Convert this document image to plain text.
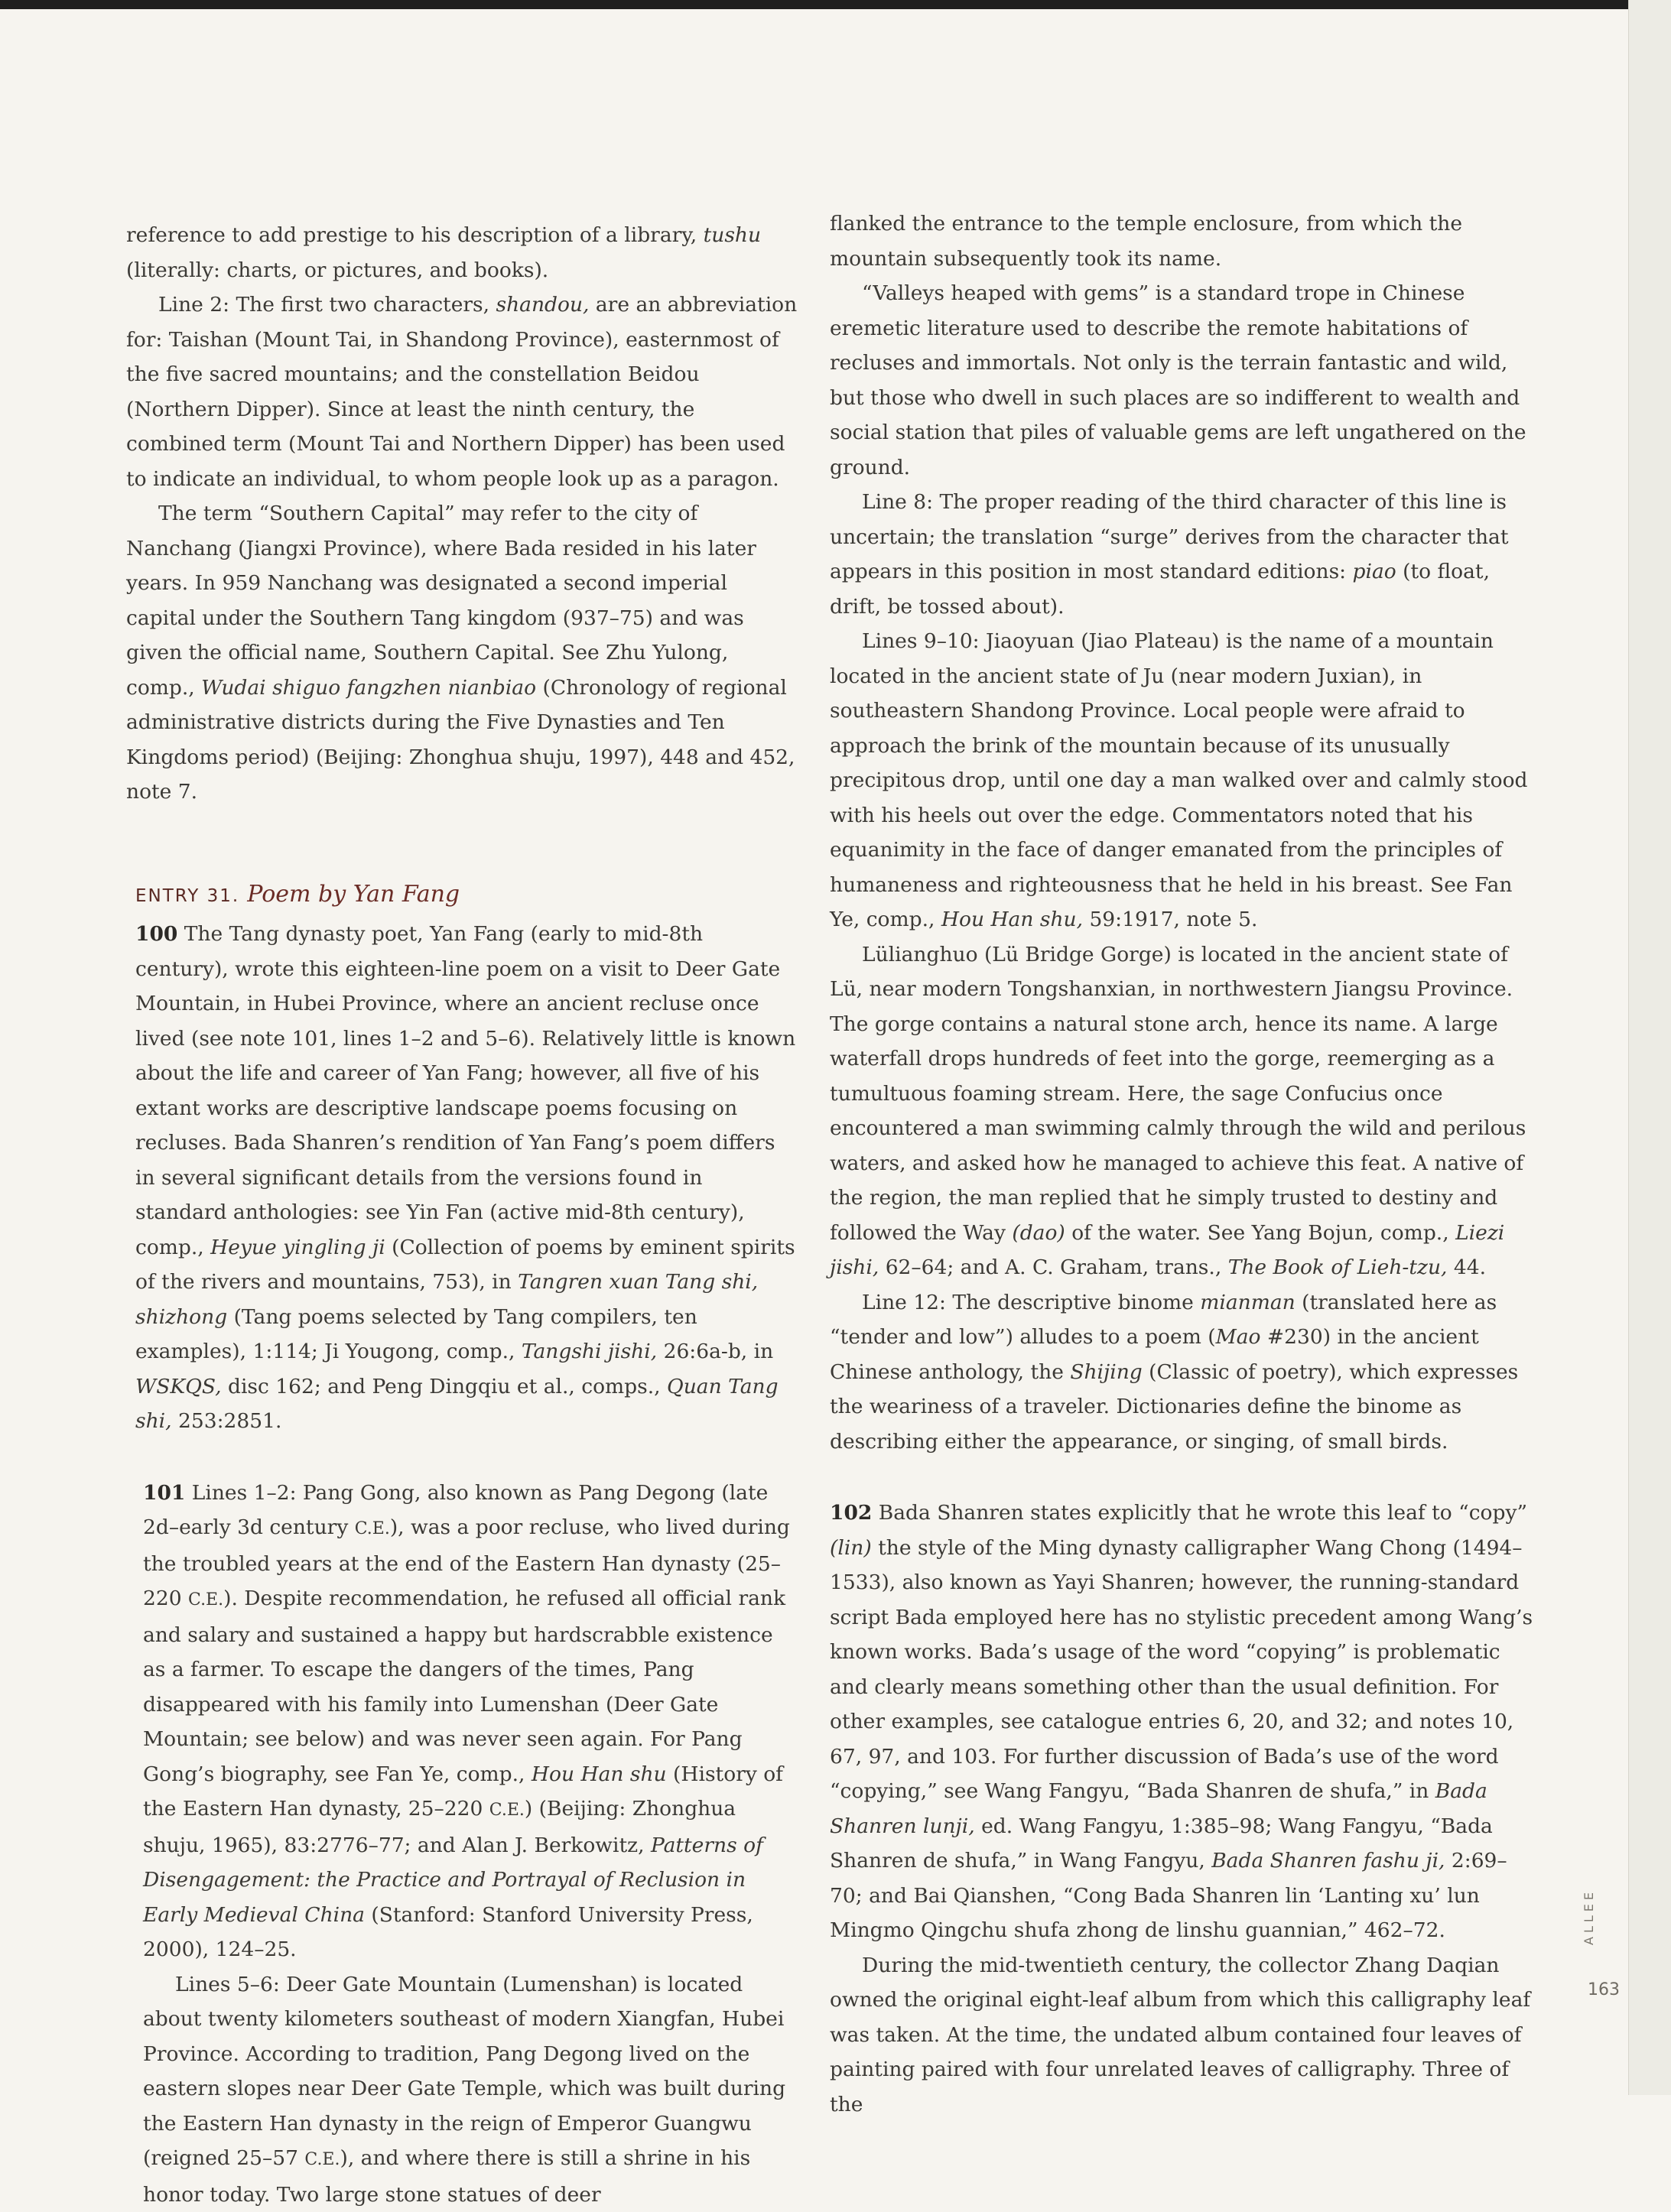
reference to add prestige to his description of a library, tushu (literally: charts, or pictures, and books).

Line 2: The first two characters, shandou, are an abbreviation for: Taishan (Mount Tai, in Shandong Province), easternmost of the five sacred mountains; and the constellation Beidou (Northern Dipper). Since at least the ninth century, the combined term (Mount Tai and Northern Dipper) has been used to indicate an individual, to whom people look up as a paragon.

The term “Southern Capital” may refer to the city of Nanchang (Jiangxi Province), where Bada resided in his later years. In 959 Nanchang was designated a second imperial capital under the Southern Tang kingdom (937–75) and was given the official name, Southern Capital. See Zhu Yulong, comp., Wudai shiguo fangzhen nianbiao (Chronology of regional administrative districts during the Five Dynasties and Ten Kingdoms period) (Beijing: Zhonghua shuju, 1997), 448 and 452, note 7.

ENTRY 31. Poem by Yan Fang

100 The Tang dynasty poet, Yan Fang (early to mid-8th century), wrote this eighteen-line poem on a visit to Deer Gate Mountain, in Hubei Province, where an ancient recluse once lived (see note 101, lines 1–2 and 5–6). Relatively little is known about the life and career of Yan Fang; however, all five of his extant works are descriptive landscape poems focusing on recluses. Bada Shanren’s rendition of Yan Fang’s poem differs in several significant details from the versions found in standard anthologies: see Yin Fan (active mid-8th century), comp., Heyue yingling ji (Collection of poems by eminent spirits of the rivers and mountains, 753), in Tangren xuan Tang shi, shizhong (Tang poems selected by Tang compilers, ten examples), 1:114; Ji Yougong, comp., Tangshi jishi, 26:6a-b, in WSKQS, disc 162; and Peng Dingqiu et al., comps., Quan Tang shi, 253:2851.

101 Lines 1–2: Pang Gong, also known as Pang Degong (late 2d–early 3d century C.E.), was a poor recluse, who lived during the troubled years at the end of the Eastern Han dynasty (25–220 C.E.). Despite recommendation, he refused all official rank and salary and sustained a happy but hardscrabble existence as a farmer. To escape the dangers of the times, Pang disappeared with his family into Lumenshan (Deer Gate Mountain; see below) and was never seen again. For Pang Gong’s biography, see Fan Ye, comp., Hou Han shu (History of the Eastern Han dynasty, 25–220 C.E.) (Beijing: Zhonghua shuju, 1965), 83:2776–77; and Alan J. Berkowitz, Patterns of Disengagement: the Practice and Portrayal of Reclusion in Early Medieval China (Stanford: Stanford University Press, 2000), 124–25.

Lines 5–6: Deer Gate Mountain (Lumenshan) is located about twenty kilometers southeast of modern Xiangfan, Hubei Province. According to tradition, Pang Degong lived on the eastern slopes near Deer Gate Temple, which was built during the Eastern Han dynasty in the reign of Emperor Guangwu (reigned 25–57 C.E.), and where there is still a shrine in his honor today. Two large stone statues of deer

flanked the entrance to the temple enclosure, from which the mountain subsequently took its name.

“Valleys heaped with gems” is a standard trope in Chinese eremetic literature used to describe the remote habitations of recluses and immortals. Not only is the terrain fantastic and wild, but those who dwell in such places are so indifferent to wealth and social station that piles of valuable gems are left ungathered on the ground.

Line 8: The proper reading of the third character of this line is uncertain; the translation “surge” derives from the character that appears in this position in most standard editions: piao (to float, drift, be tossed about).

Lines 9–10: Jiaoyuan (Jiao Plateau) is the name of a mountain located in the ancient state of Ju (near modern Juxian), in southeastern Shandong Province. Local people were afraid to approach the brink of the mountain because of its unusually precipitous drop, until one day a man walked over and calmly stood with his heels out over the edge. Commentators noted that his equanimity in the face of danger emanated from the principles of humaneness and righteousness that he held in his breast. See Fan Ye, comp., Hou Han shu, 59:1917, note 5.

Lülianghuo (Lü Bridge Gorge) is located in the ancient state of Lü, near modern Tongshanxian, in northwestern Jiangsu Province. The gorge contains a natural stone arch, hence its name. A large waterfall drops hundreds of feet into the gorge, reemerging as a tumultuous foaming stream. Here, the sage Confucius once encountered a man swimming calmly through the wild and perilous waters, and asked how he managed to achieve this feat. A native of the region, the man replied that he simply trusted to destiny and followed the Way (dao) of the water. See Yang Bojun, comp., Liezi jishi, 62–64; and A. C. Graham, trans., The Book of Lieh-tzu, 44.

Line 12: The descriptive binome mianman (translated here as “tender and low”) alludes to a poem (Mao #230) in the ancient Chinese anthology, the Shijing (Classic of poetry), which expresses the weariness of a traveler. Dictionaries define the binome as describing either the appearance, or singing, of small birds.

102 Bada Shanren states explicitly that he wrote this leaf to “copy” (lin) the style of the Ming dynasty calligrapher Wang Chong (1494–1533), also known as Yayi Shanren; however, the running-standard script Bada employed here has no stylistic precedent among Wang’s known works. Bada’s usage of the word “copying” is problematic and clearly means something other than the usual definition. For other examples, see catalogue entries 6, 20, and 32; and notes 10, 67, 97, and 103. For further discussion of Bada’s use of the word “copying,” see Wang Fangyu, “Bada Shanren de shufa,” in Bada Shanren lunji, ed. Wang Fangyu, 1:385–98; Wang Fangyu, “Bada Shanren de shufa,” in Wang Fangyu, Bada Shanren fashu ji, 2:69–70; and Bai Qianshen, “Cong Bada Shanren lin ‘Lanting xu’ lun Mingmo Qingchu shufa zhong de linshu guannian,” 462–72.

During the mid-twentieth century, the collector Zhang Daqian owned the original eight-leaf album from which this calligraphy leaf was taken. At the time, the undated album contained four leaves of painting paired with four unrelated leaves of calligraphy. Three of the

ALLEE
163
